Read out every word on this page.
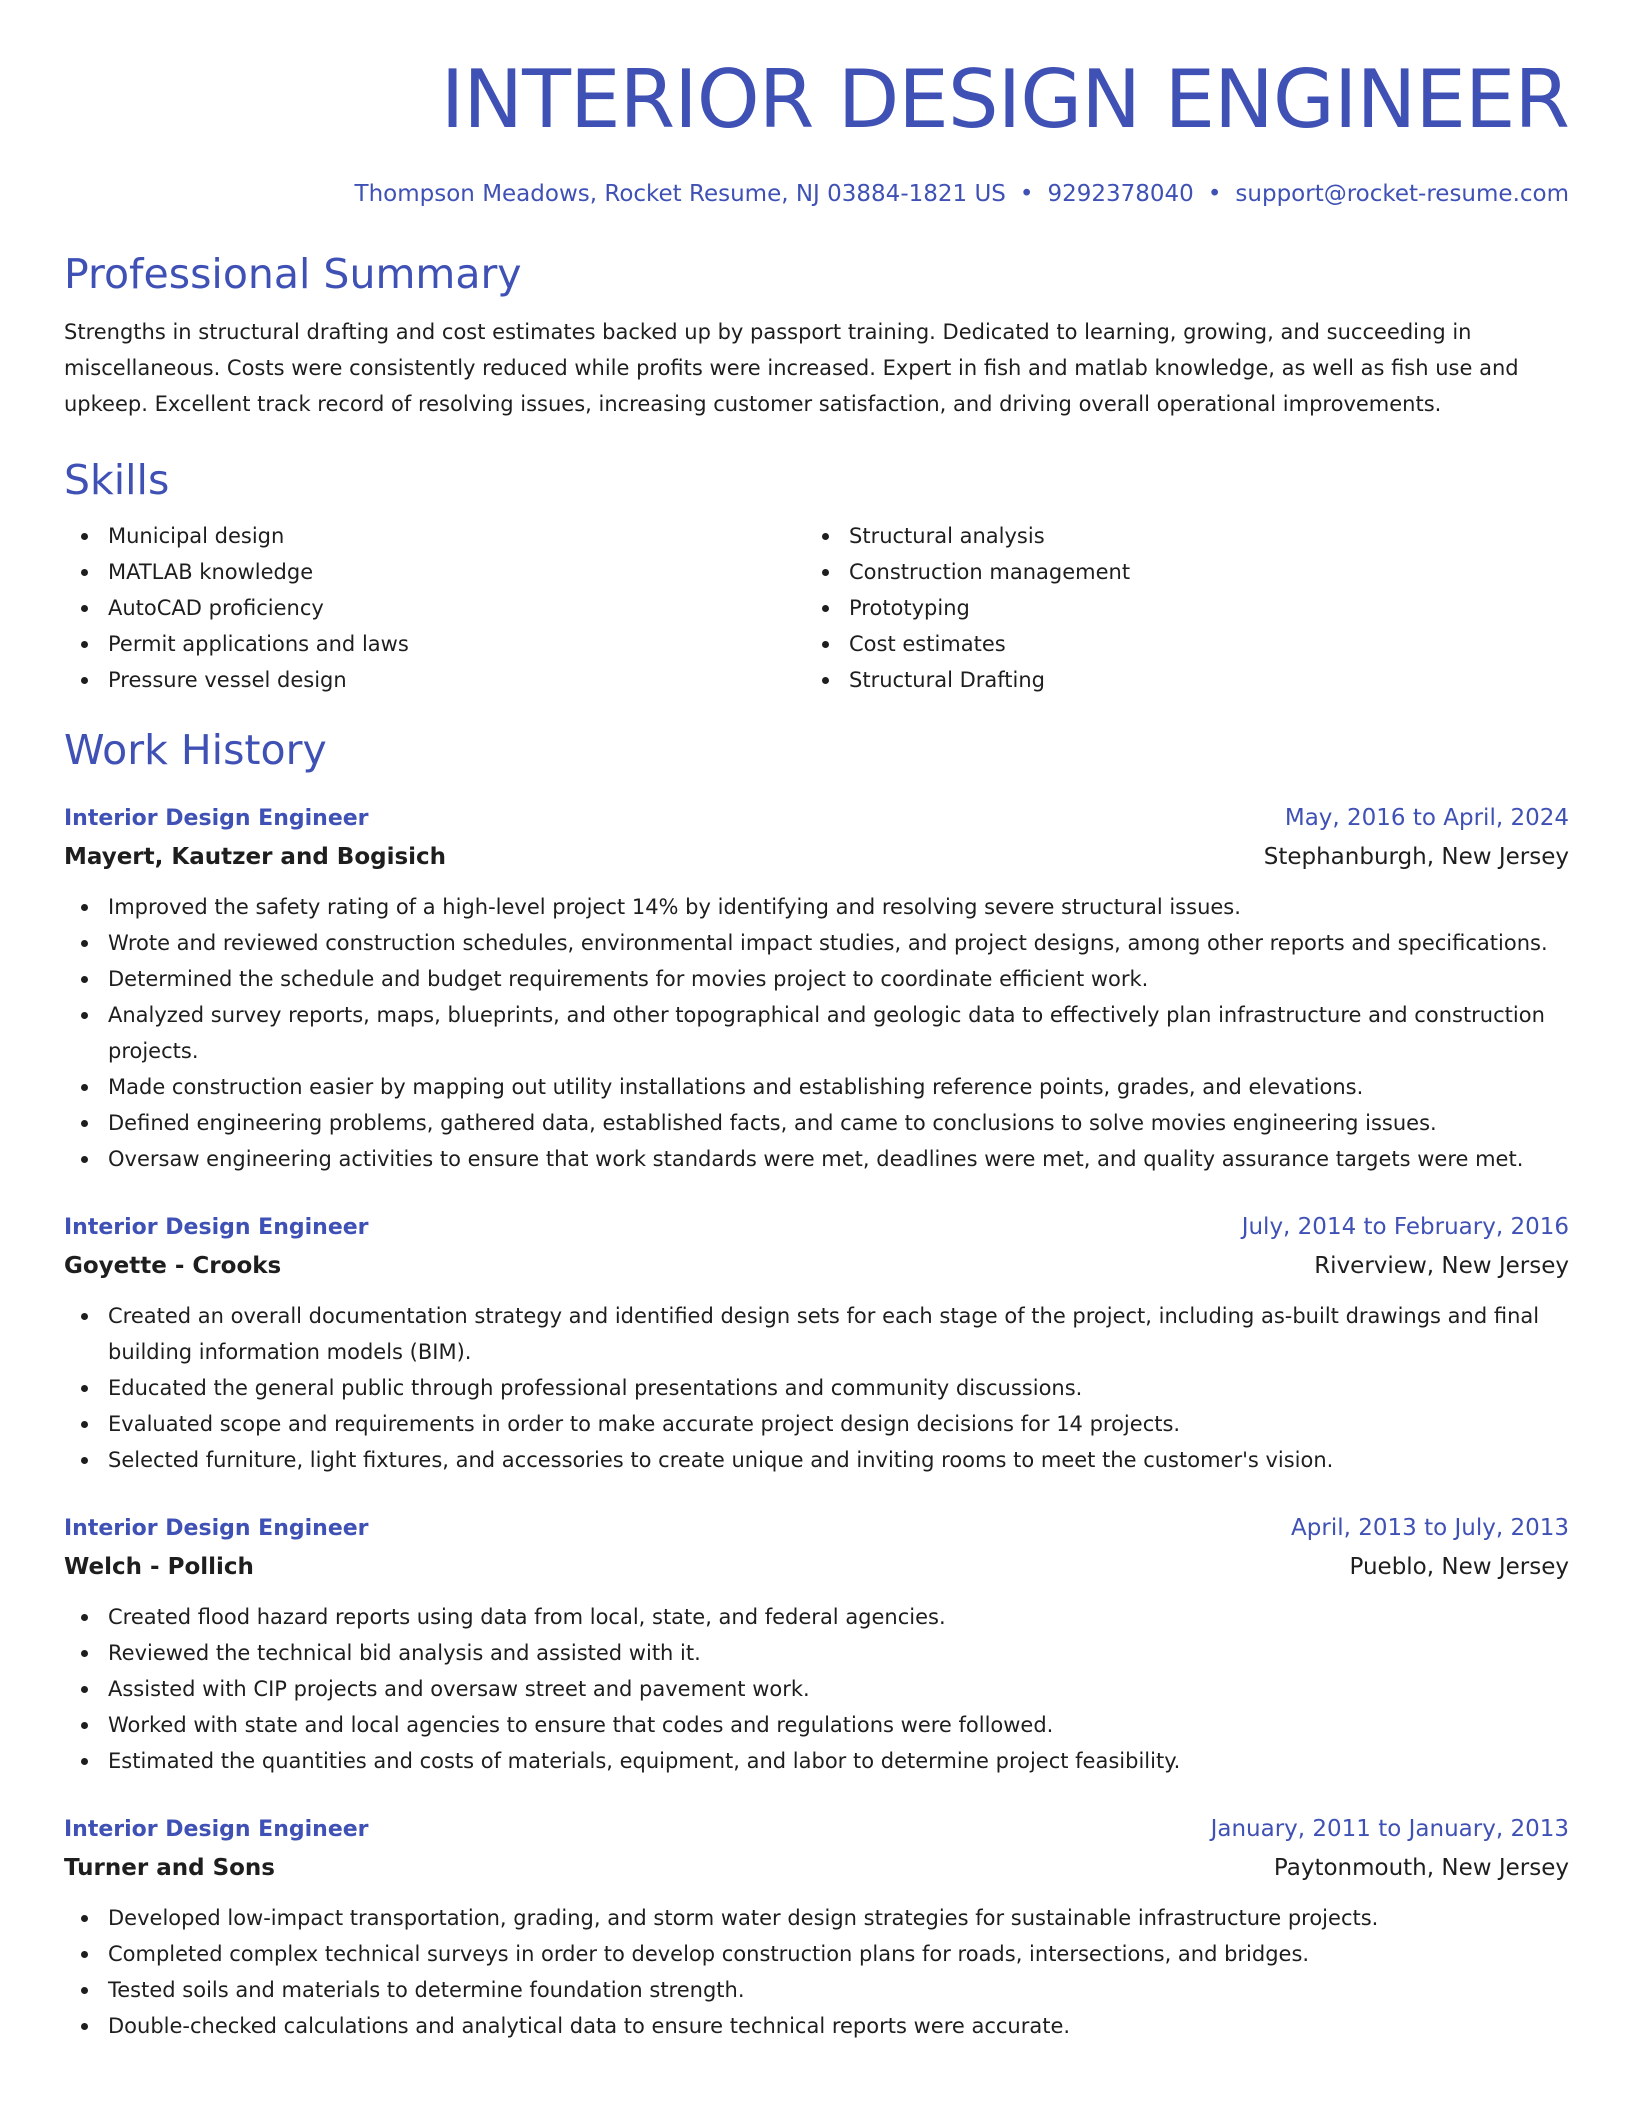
INTERIOR DESIGN ENGINEER
Thompson Meadows, Rocket Resume, NJ 03884-1821 US • 9292378040 • support@rocket-resume.com
Professional Summary
Strengths in structural drafting and cost estimates backed up by passport training. Dedicated to learning, growing, and succeeding in miscellaneous. Costs were consistently reduced while profits were increased. Expert in fish and matlab knowledge, as well as fish use and upkeep. Excellent track record of resolving issues, increasing customer satisfaction, and driving overall operational improvements.
Skills
Municipal design
MATLAB knowledge
AutoCAD proficiency
Permit applications and laws
Pressure vessel design
Structural analysis
Construction management
Prototyping
Cost estimates
Structural Drafting
Work History
Interior Design Engineer	May, 2016 to April, 2024
Mayert, Kautzer and Bogisich	Stephanburgh, New Jersey
Improved the safety rating of a high-level project 14% by identifying and resolving severe structural issues.
Wrote and reviewed construction schedules, environmental impact studies, and project designs, among other reports and specifications.
Determined the schedule and budget requirements for movies project to coordinate efficient work.
Analyzed survey reports, maps, blueprints, and other topographical and geologic data to effectively plan infrastructure and construction projects.
Made construction easier by mapping out utility installations and establishing reference points, grades, and elevations.
Defined engineering problems, gathered data, established facts, and came to conclusions to solve movies engineering issues.
Oversaw engineering activities to ensure that work standards were met, deadlines were met, and quality assurance targets were met.
Interior Design Engineer	July, 2014 to February, 2016
Goyette - Crooks	Riverview, New Jersey
Created an overall documentation strategy and identified design sets for each stage of the project, including as-built drawings and final building information models (BIM).
Educated the general public through professional presentations and community discussions.
Evaluated scope and requirements in order to make accurate project design decisions for 14 projects.
Selected furniture, light fixtures, and accessories to create unique and inviting rooms to meet the customer's vision.
Interior Design Engineer	April, 2013 to July, 2013
Welch - Pollich	Pueblo, New Jersey
Created flood hazard reports using data from local, state, and federal agencies.
Reviewed the technical bid analysis and assisted with it.
Assisted with CIP projects and oversaw street and pavement work.
Worked with state and local agencies to ensure that codes and regulations were followed.
Estimated the quantities and costs of materials, equipment, and labor to determine project feasibility.
Interior Design Engineer	January, 2011 to January, 2013
Turner and Sons	Paytonmouth, New Jersey
Developed low-impact transportation, grading, and storm water design strategies for sustainable infrastructure projects.
Completed complex technical surveys in order to develop construction plans for roads, intersections, and bridges.
Tested soils and materials to determine foundation strength.
Double-checked calculations and analytical data to ensure technical reports were accurate.
